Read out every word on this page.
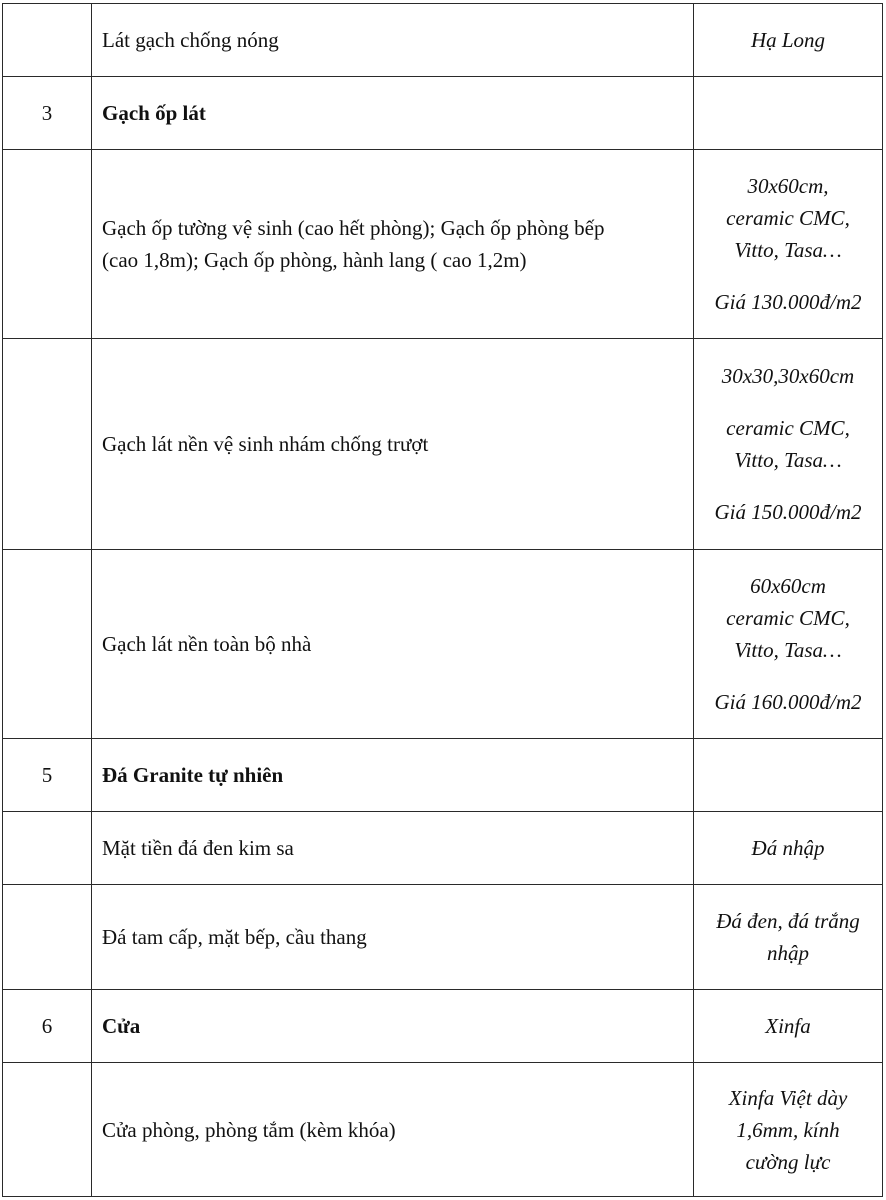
	Lát gạch chống nóng	Hạ Long

3	Gạch ốp lát	

	Gạch ốp tường vệ sinh (cao hết phòng); Gạch ốp phòng bếp
(cao 1,8m); Gạch ốp phòng, hành lang ( cao 1,2m)	30x60cm,
ceramic CMC,
Vitto, Tasa…
Giá 130.000đ/m2

	Gạch lát nền vệ sinh nhám chống trượt	30x30,30x60cm
ceramic CMC,
Vitto, Tasa…
Giá 150.000đ/m2

	Gạch lát nền toàn bộ nhà	60x60cm
ceramic CMC,
Vitto, Tasa…
Giá 160.000đ/m2

5	Đá Granite tự nhiên	
	Mặt tiền đá đen kim sa	Đá nhập

	Đá tam cấp, mặt bếp, cầu thang	Đá đen, đá trắng
nhập

6	Cửa	Xinfa

	Cửa phòng, phòng tắm (kèm khóa)	Xinfa Việt dày
1,6mm, kính
cường lực
